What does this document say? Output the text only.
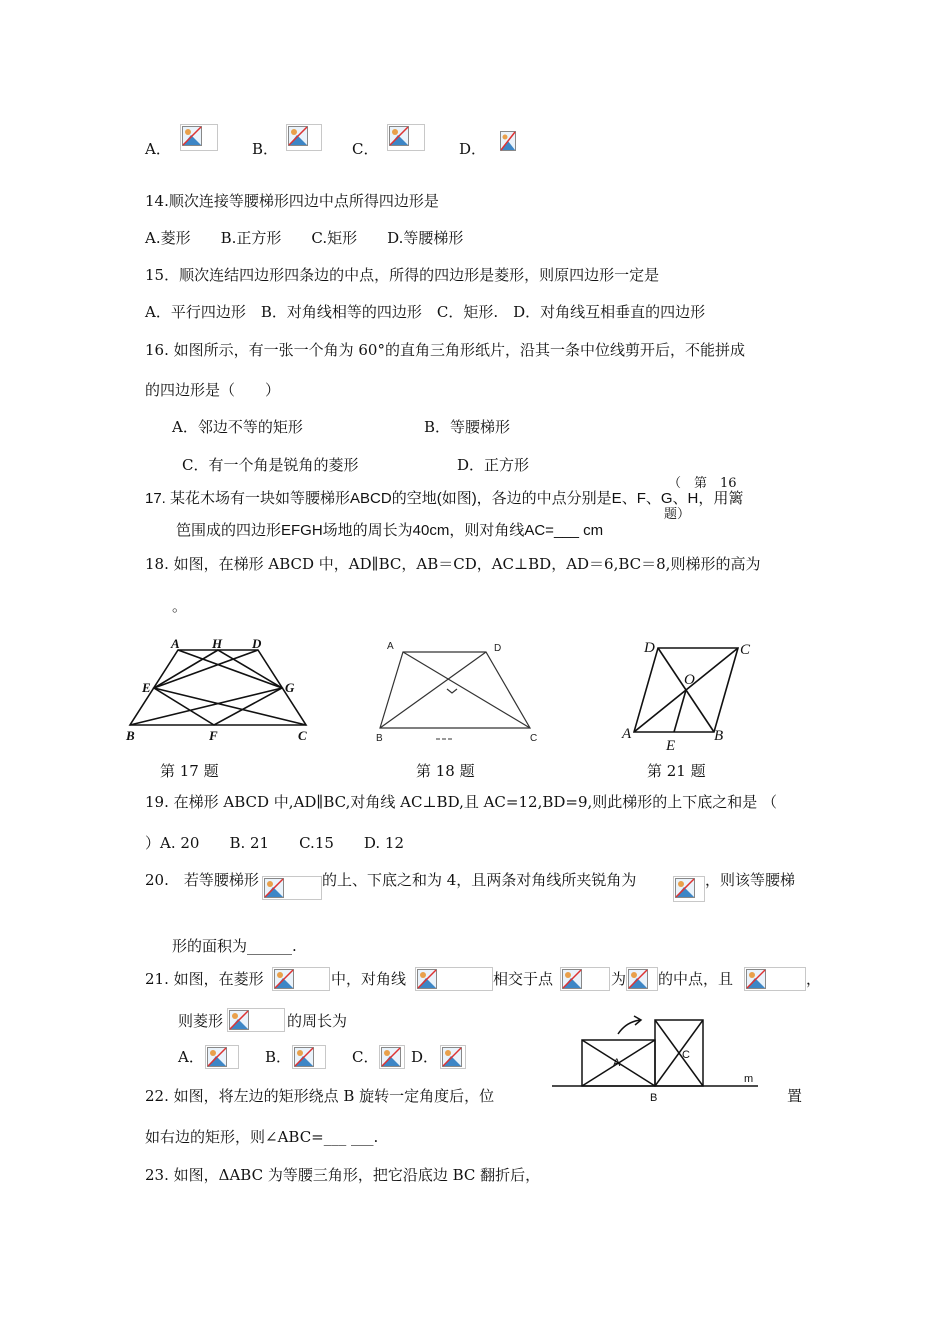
A．	B．	C．	D．
14.顺次连接等腰梯形四边中点所得四边形是
A.菱形　　B.正方形　　C.矩形　　D.等腰梯形
15．顺次连结四边形四条边的中点，所得的四边形是菱形，则原四边形一定是
A．平行四边形　B．对角线相等的四边形　C．矩形.　D．对角线互相垂直的四边形
16. 如图所示，有一张一个角为 60°的直角三角形纸片，沿其一条中位线剪开后，不能拼成
的四边形是（　　）
A．邻边不等的矩形	B．等腰梯形
C．有一个角是锐角的菱形	D．正方形
（　第　16
题）
17. 某花木场有一块如等腰梯形ABCD的空地(如图)，各边的中点分别是E、F、G、H，用篱
笆围成的四边形EFGH场地的周长为40cm，则对角线AC=___ cm
18. 如图，在梯形 ABCD 中，AD∥BC，AB＝CD，AC⊥BD，AD＝6,BC＝8,则梯形的高为
。
A H D
E	G
B	F	C
第 17 题
A	D
B	C
第 18 题
D	C
O
A
E
B
第 21 题
19. 在梯形 ABCD 中,AD∥BC,对角线 AC⊥BD,且 AC=12,BD=9,则此梯形的上下底之和是 （
）A. 20　　B. 21　　C.15　　D. 12
20.　若等腰梯形	的上、下底之和为 4，且两条对角线所夹锐角为	，则该等腰梯
形的面积为______.
21. 如图，在菱形	中，对角线	相交于点	为 的中点，且	，
则菱形	的周长为
A．	B．	C． D．	A
C
B
m
22. 如图，将左边的矩形绕点 B 旋转一定角度后，位	置
如右边的矩形，则∠ABC=___ ___.
23. 如图，ΔABC 为等腰三角形，把它沿底边 BC 翻折后，
